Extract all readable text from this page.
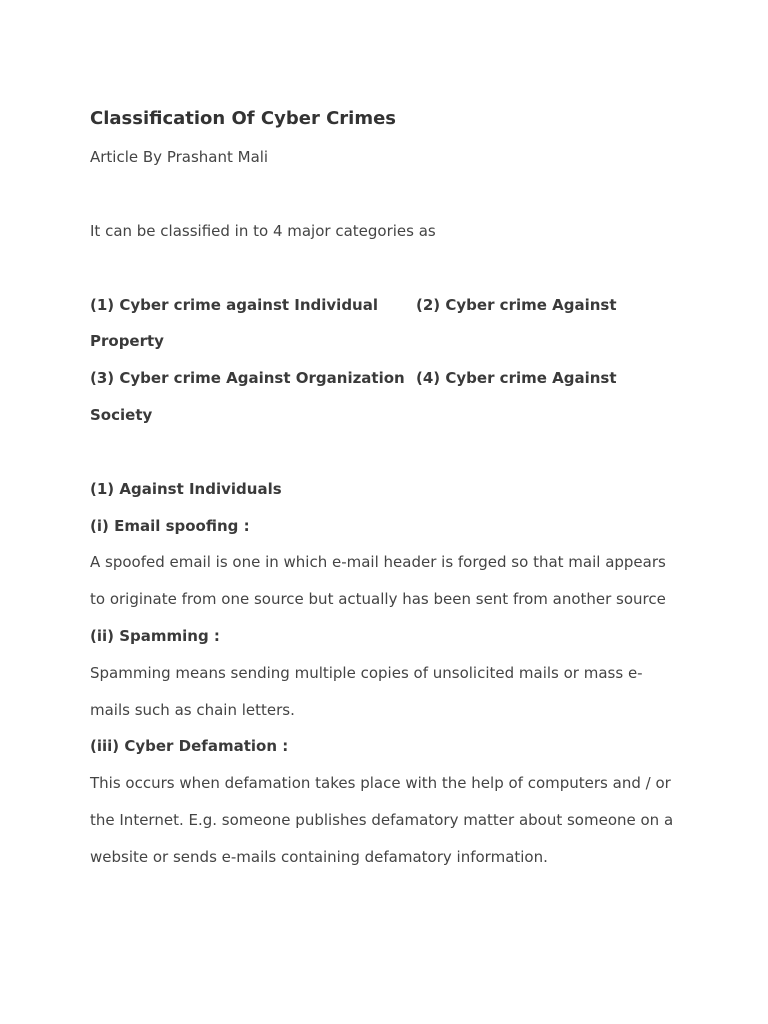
Classification Of Cyber Crimes
Article By Prashant Mali
It can be classified in to 4 major categories as
(1) Cyber crime against Individual	(2) Cyber crime Against
Property
(3) Cyber crime Against Organization (4) Cyber crime Against
Society
(1) Against Individuals
(i) Email spoofing :
A spoofed email is one in which e-mail header is forged so that mail appears
to originate from one source but actually has been sent from another source
(ii) Spamming :
Spamming means sending multiple copies of unsolicited mails or mass e-
mails such as chain letters.
(iii) Cyber Defamation :
This occurs when defamation takes place with the help of computers and / or
the Internet. E.g. someone publishes defamatory matter about someone on a
website or sends e-mails containing defamatory information.
